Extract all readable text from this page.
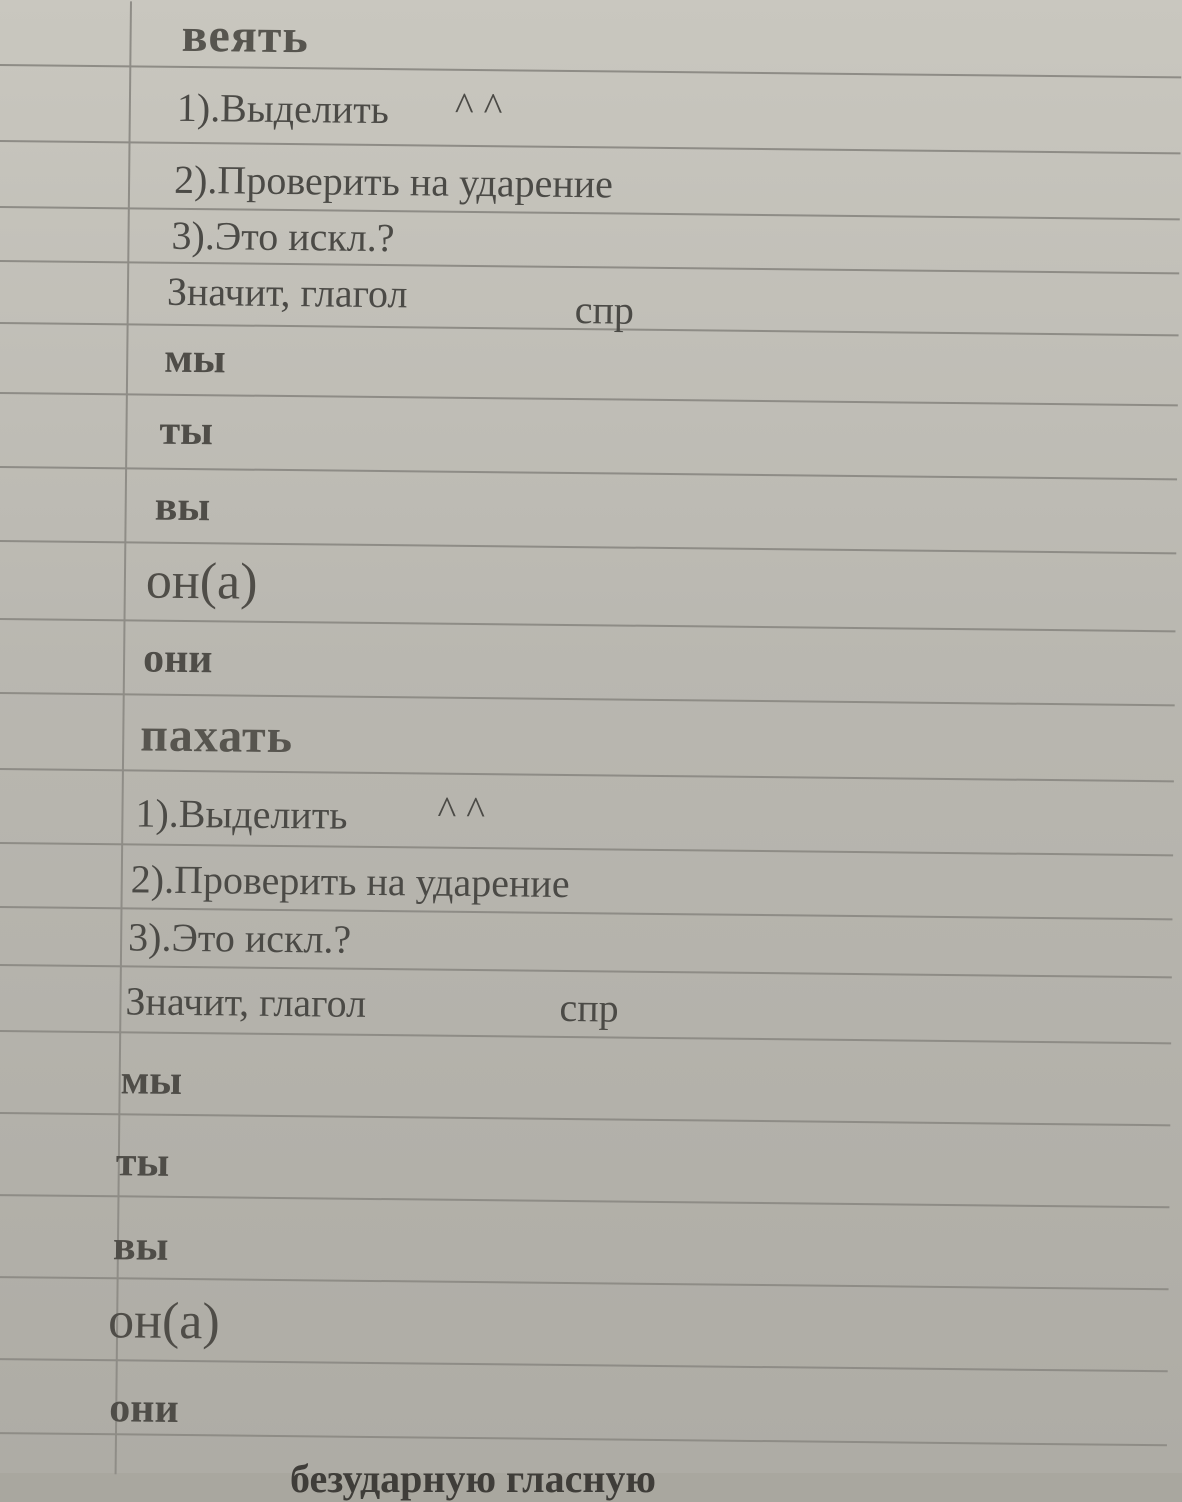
веять
1).Выделить ^ ^
2).Проверить на ударение
3).Это искл.?
Значит, глагол	спр
мы
ты
вы
он(а)
они
пахать
1).Выделить ^ ^
2).Проверить на ударение
3).Это искл.?
Значит, глагол	спр
мы
ты
вы
он(а)
они
безударную гласную
